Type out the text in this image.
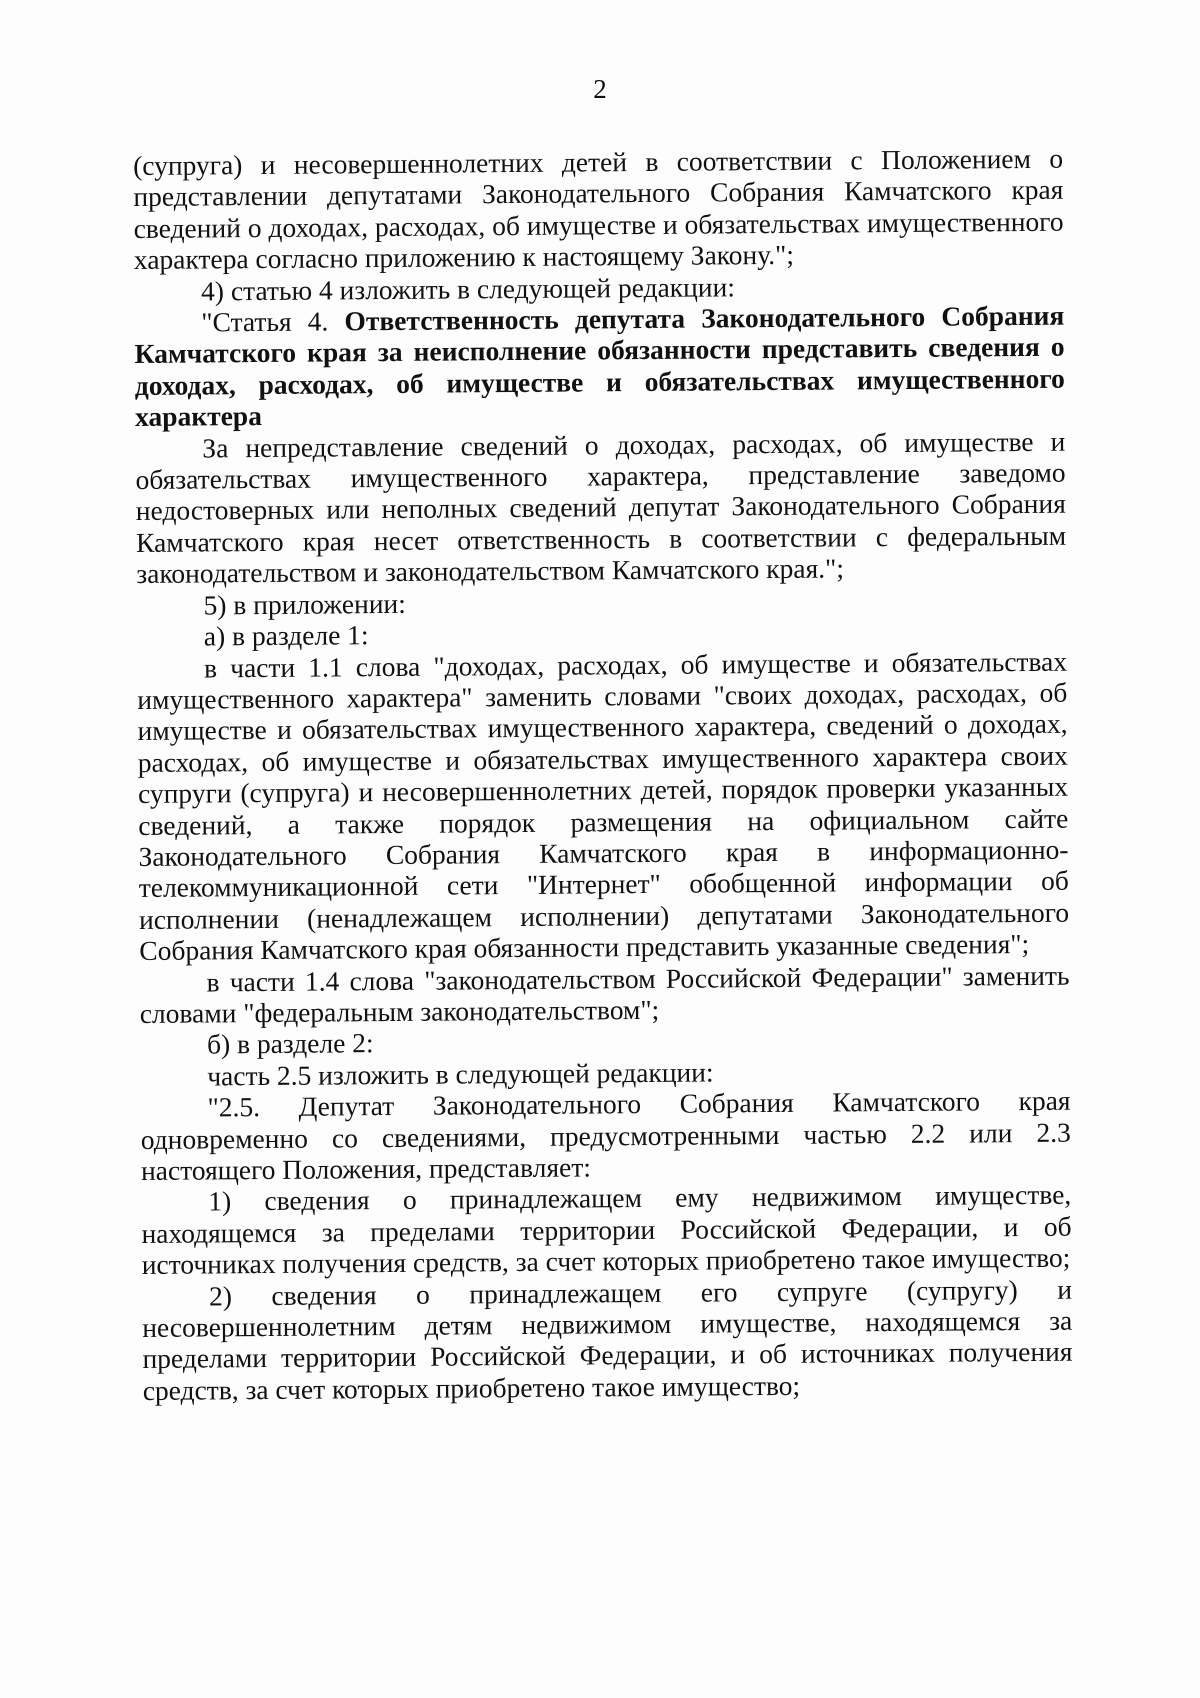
2

(супруга) и несовершеннолетних детей в соответствии с Положением о представлении депутатами Законодательного Собрания Камчатского края сведений о доходах, расходах, об имуществе и обязательствах имущественного характера согласно приложению к настоящему Закону.";

4) статью 4 изложить в следующей редакции:

"Статья 4. Ответственность депутата Законодательного Собрания Камчатского края за неисполнение обязанности представить сведения о доходах, расходах, об имуществе и обязательствах имущественного характера

За непредставление сведений о доходах, расходах, об имуществе и обязательствах имущественного характера, представление заведомо недостоверных или неполных сведений депутат Законодательного Собрания Камчатского края несет ответственность в соответствии с федеральным законодательством и законодательством Камчатского края.";

5) в приложении:

а) в разделе 1:

в части 1.1 слова "доходах, расходах, об имуществе и обязательствах имущественного характера" заменить словами "своих доходах, расходах, об имуществе и обязательствах имущественного характера, сведений о доходах, расходах, об имуществе и обязательствах имущественного характера своих супруги (супруга) и несовершеннолетних детей, порядок проверки указанных сведений, а также порядок размещения на официальном сайте Законодательного Собрания Камчатского края в информационно-телекоммуникационной сети "Интернет" обобщенной информации об исполнении (ненадлежащем исполнении) депутатами Законодательного Собрания Камчатского края обязанности представить указанные сведения";

в части 1.4 слова "законодательством Российской Федерации" заменить словами "федеральным законодательством";

б) в разделе 2:

часть 2.5 изложить в следующей редакции:

"2.5. Депутат Законодательного Собрания Камчатского края одновременно со сведениями, предусмотренными частью 2.2 или 2.3 настоящего Положения, представляет:

1) сведения о принадлежащем ему недвижимом имуществе, находящемся за пределами территории Российской Федерации, и об источниках получения средств, за счет которых приобретено такое имущество;

2) сведения о принадлежащем его супруге (супругу) и несовершеннолетним детям недвижимом имуществе, находящемся за пределами территории Российской Федерации, и об источниках получения средств, за счет которых приобретено такое имущество;
